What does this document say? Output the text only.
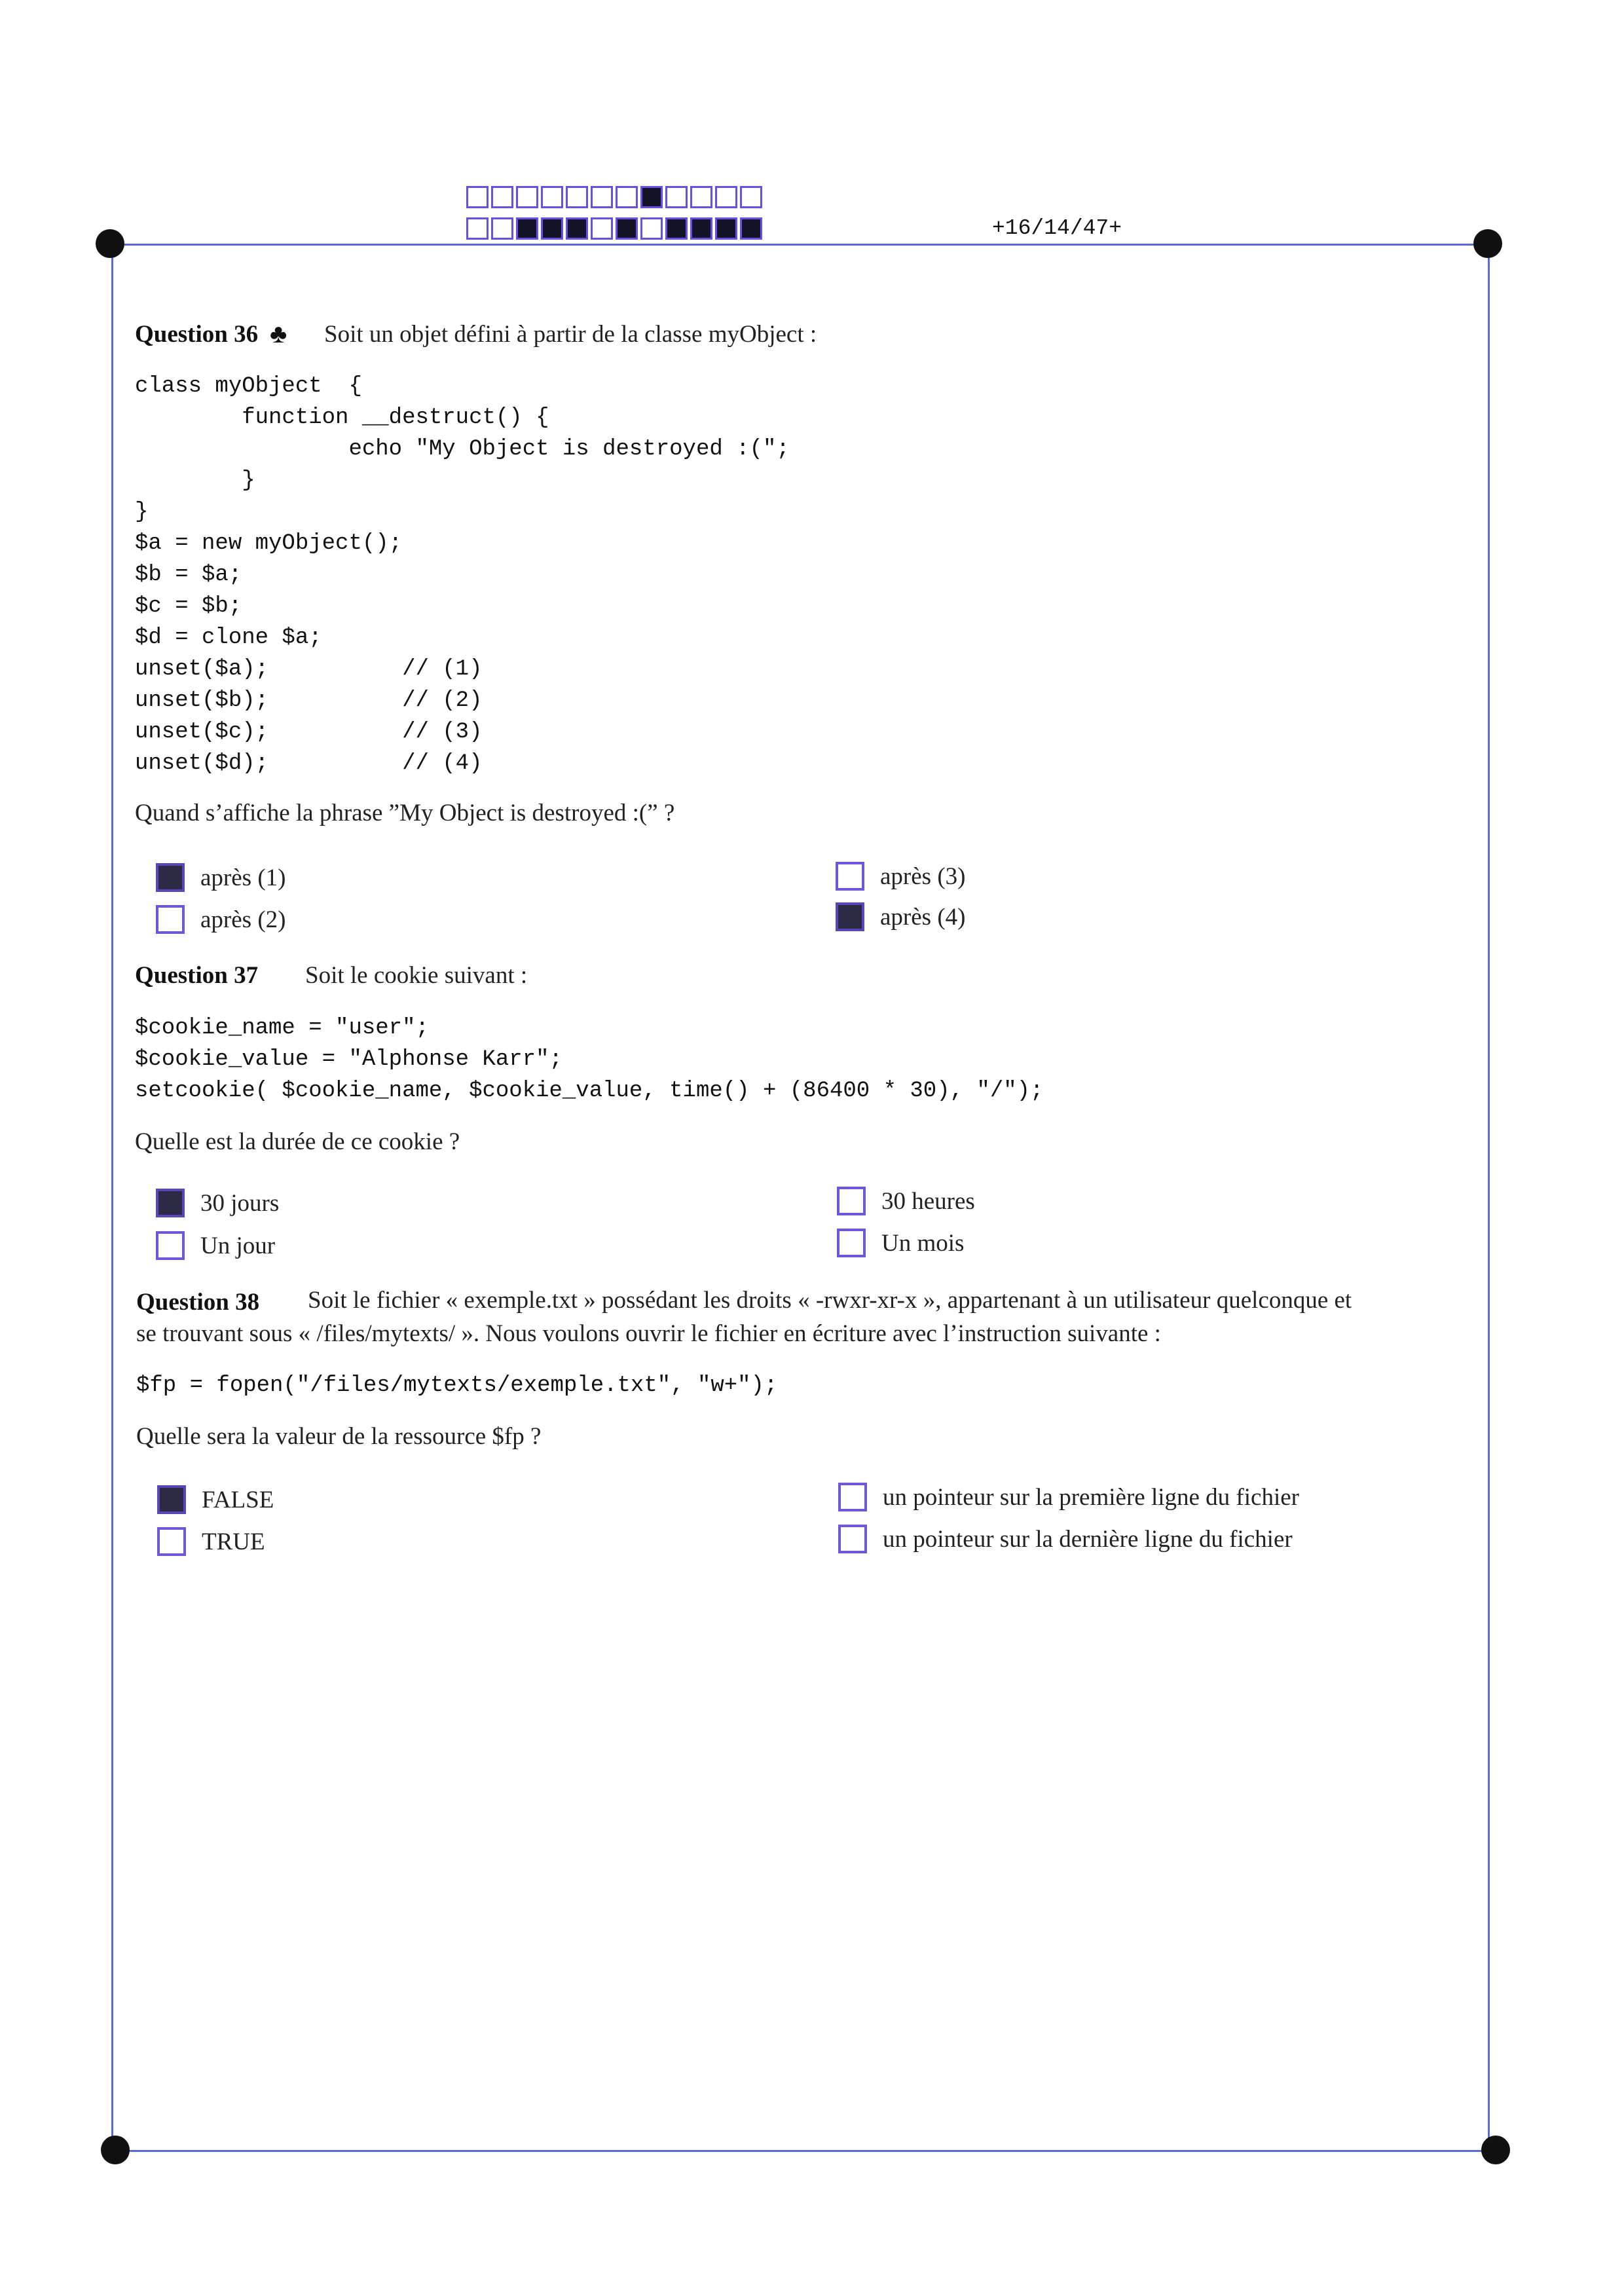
+16/14/47+
Question 36 ♣ Soit un objet défini à partir de la classe myObject :
class myObject  {
function __destruct() {
echo "My Object is destroyed :(";
}
}
$a = new myObject();
$b = $a;
$c = $b;
$d = clone $a;
unset($a);          // (1)
unset($b);          // (2)
unset($c);          // (3)
unset($d);          // (4)
Quand s’affiche la phrase ”My Object is destroyed :(” ?
après (1)
après (2)
après (3)
après (4)
Question 37 Soit le cookie suivant :
$cookie_name = "user";
$cookie_value = "Alphonse Karr";
setcookie( $cookie_name, $cookie_value, time() + (86400 * 30), "/");
Quelle est la durée de ce cookie ?
30 jours
Un jour
30 heures
Un mois
Question 38 Soit le fichier « exemple.txt » possédant les droits « -rwxr-xr-x », appartenant à un utilisateur quelconque et
se trouvant sous « /files/mytexts/ ». Nous voulons ouvrir le fichier en écriture avec l’instruction suivante :
$fp = fopen("/files/mytexts/exemple.txt", "w+");
Quelle sera la valeur de la ressource $fp ?
FALSE
TRUE
un pointeur sur la première ligne du fichier
un pointeur sur la dernière ligne du fichier
